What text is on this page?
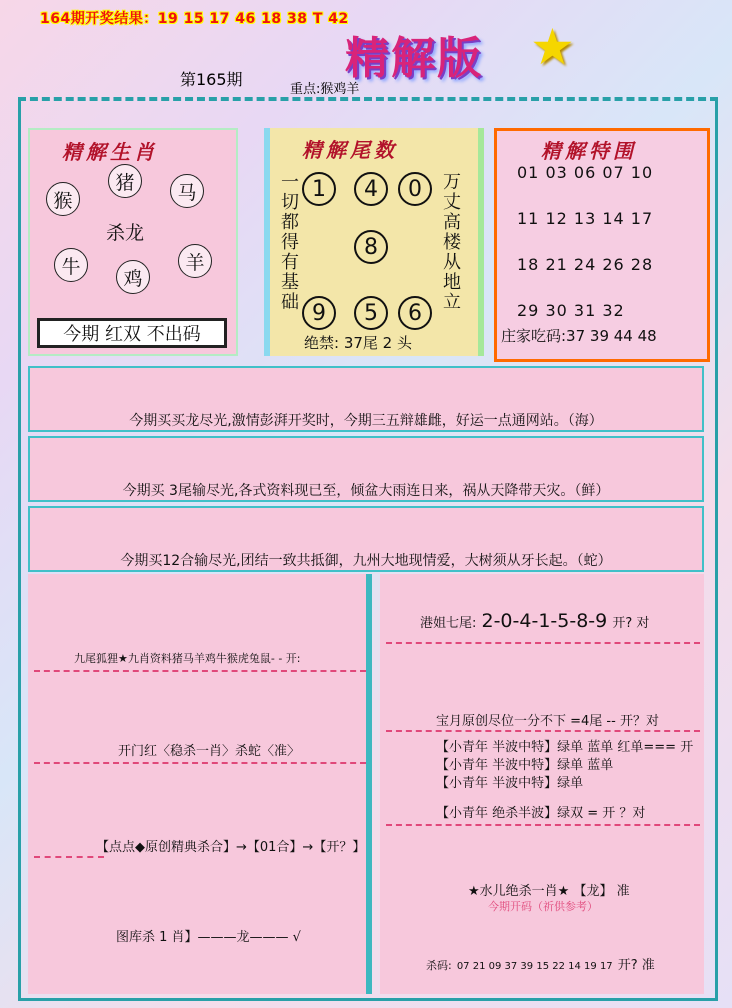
164期开奖结果：19 15 17 46 18 38 T 42
精解版 ★
第165期
重点:猴鸡羊
精解生肖
猴
猪	马
杀龙
牛
鸡
羊
今期 红双 不出码
精解尾数
一切都得有基础	万丈高楼从地立
1	4	0
8
9	5	6
绝禁: 37尾 2 头
精解特围
01 03 06 07 10
11 12 13 14 17
18 21 24 26 28
29 30 31 32
庄家吃码:37 39 44 48
今期买买龙尽光,激情彭湃开奖时，今期三五辩雄雌，好运一点通网站。（海）
今期买 3尾输尽光,各式资料现已至，倾盆大雨连日来，祸从天降带天灾。（鲜）
今期买12合输尽光,团结一致共抵御，九州大地现情爱，大树须从牙长起。（蛇）
九尾狐狸★九肖资料猪马羊鸡牛猴虎兔鼠- - 开:
开门红〈稳杀一肖〉杀蛇〈准〉
【点点◆原创精典杀合】→【01合】→【开？】
图库杀 1 肖】———龙——— √
港姐七尾: 2-0-4-1-5-8-9 开? 对
宝月原创尽位一分不下 =4尾 -- 开？对
【小青年 半波中特】绿单 蓝单 红单=== 开
【小青年 半波中特】绿单 蓝单
【小青年 半波中特】绿单
【小青年 绝杀半波】绿双 = 开 ？对
★水儿绝杀一肖★ 【龙】 准
今期开码（祈供参考）
杀码: 07 21 09 37 39 15 22 14 19 17 开? 准
